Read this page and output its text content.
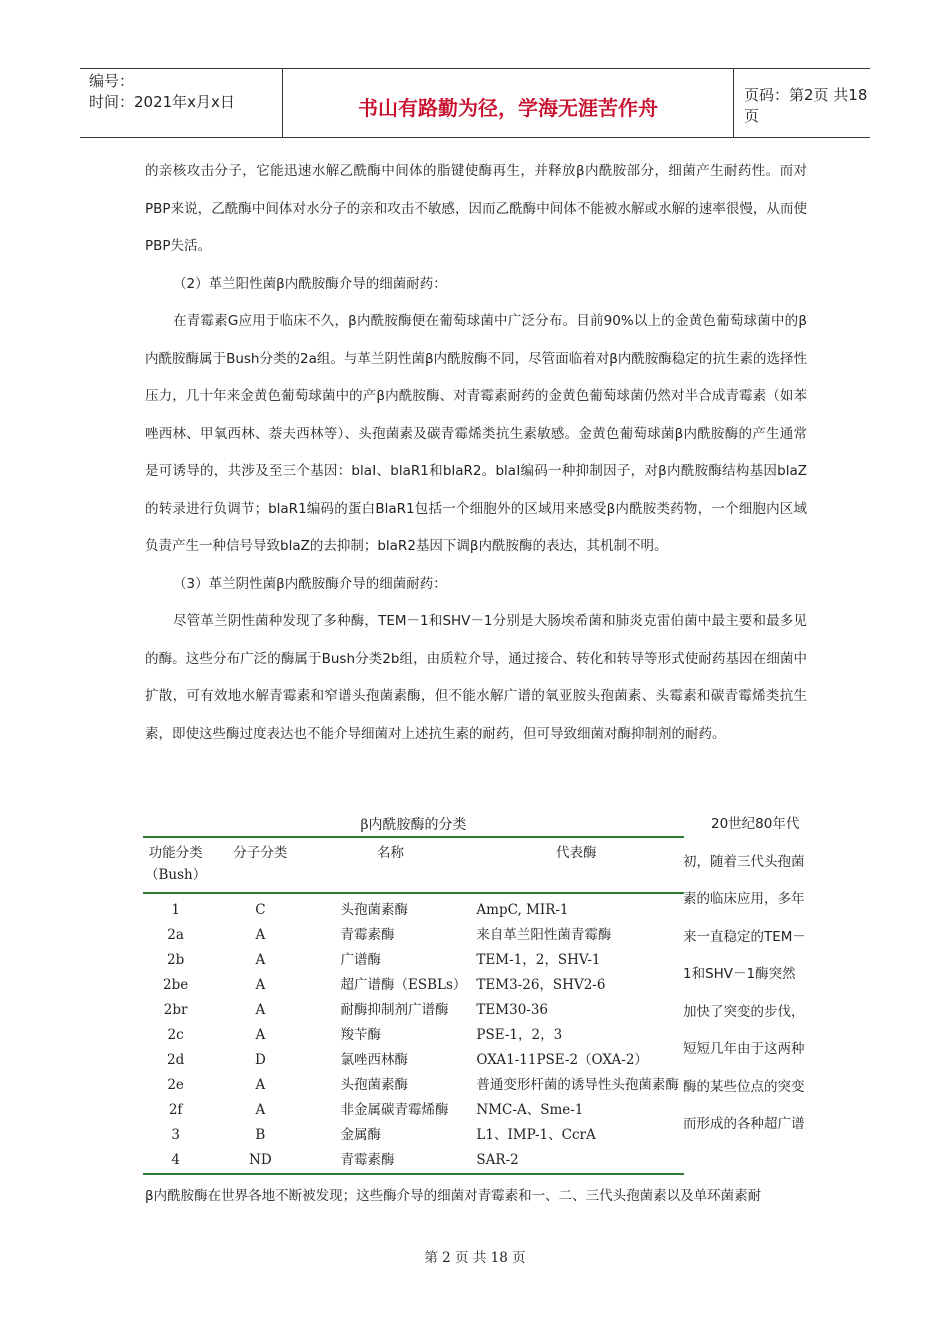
编号：
时间：2021年x月x日	书山有路勤为径，学海无涯苦作舟
页码：第2页 共18页

的亲核攻击分子，它能迅速水解乙酰酶中间体的脂键使酶再生，并释放β内酰胺部分，细菌产生耐药性。而对PBP来说，乙酰酶中间体对水分子的亲和攻击不敏感，因而乙酰酶中间体不能被水解或水解的速率很慢，从而使PBP失活。

（2）革兰阳性菌β内酰胺酶介导的细菌耐药：

在青霉素G应用于临床不久，β内酰胺酶便在葡萄球菌中广泛分布。目前90%以上的金黄色葡萄球菌中的β内酰胺酶属于Bush分类的2a组。与革兰阴性菌β内酰胺酶不同，尽管面临着对β内酰胺酶稳定的抗生素的选择性压力，几十年来金黄色葡萄球菌中的产β内酰胺酶、对青霉素耐药的金黄色葡萄球菌仍然对半合成青霉素（如苯唑西林、甲氧西林、萘夫西林等）、头孢菌素及碳青霉烯类抗生素敏感。金黄色葡萄球菌β内酰胺酶的产生通常是可诱导的，共涉及至三个基因：blaⅠ、blaR1和blaR2。blaⅠ编码一种抑制因子，对β内酰胺酶结构基因blaZ的转录进行负调节；blaR1编码的蛋白BlaR1包括一个细胞外的区域用来感受β内酰胺类药物，一个细胞内区域负责产生一种信号导致blaZ的去抑制；blaR2基因下调β内酰胺酶的表达，其机制不明。

（3）革兰阴性菌β内酰胺酶介导的细菌耐药：

尽管革兰阴性菌种发现了多种酶，TEM－1和SHV－1分别是大肠埃希菌和肺炎克雷伯菌中最主要和最多见的酶。这些分布广泛的酶属于Bush分类2b组，由质粒介导，通过接合、转化和转导等形式使耐药基因在细菌中扩散，可有效地水解青霉素和窄谱头孢菌素酶，但不能水解广谱的氧亚胺头孢菌素、头霉素和碳青霉烯类抗生素，即使这些酶过度表达也不能介导细菌对上述抗生素的耐药，但可导致细菌对酶抑制剂的耐药。

β内酰胺酶的分类
功能分类
（Bush）	分子分类	名称	代表酶
1	C	头孢菌素酶	AmpC, MIR-1
2a	A	青霉素酶	来自革兰阳性菌青霉酶
2b	A	广谱酶	TEM-1，2，SHV-1
2be	A	超广谱酶（ESBLs）	TEM3-26，SHV2-6
2br	A	耐酶抑制剂广谱酶	TEM30-36
2c	A	羧苄酶	PSE-1，2，3
2d	D	氯唑西林酶	OXA1-11PSE-2（OXA-2）
2e	A	头孢菌素酶	普通变形杆菌的诱导性头孢菌素酶
2f	A	非金属碳青霉烯酶	NMC-A、Sme-1
3	B	金属酶	L1、IMP-1、CcrA
4	ND	青霉素酶	SAR-2

20世纪80年代初，随着三代头孢菌素的临床应用，多年来一直稳定的TEM－1和SHV－1酶突然加快了突变的步伐，短短几年由于这两种酶的某些位点的突变而形成的各种超广谱

β内酰胺酶在世界各地不断被发现；这些酶介导的细菌对青霉素和一、二、三代头孢菌素以及单环菌素耐

第 2 页 共 18 页
